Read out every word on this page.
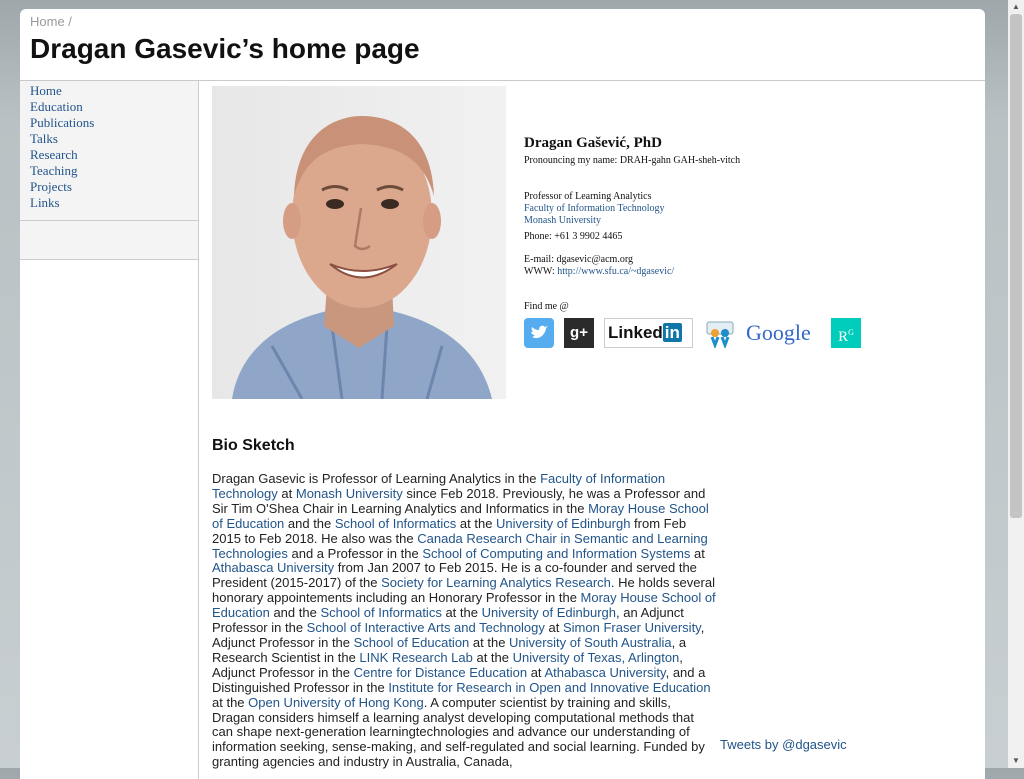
Home /
Dragan Gasevic’s home page
Home
Education
Publications
Talks
Research
Teaching
Projects
Links
Dragan Gašević, PhD
Pronouncing my name: DRAH-gahn GAH-sheh-vitch
Professor of Learning Analytics
Faculty of Information Technology
Monash University
Phone: +61 3 9902 4465
E-mail: dgasevic@acm.org
WWW: http://www.sfu.ca/~dgasevic/
Find me @
g+	Linked in	Google	$R^G$
Bio Sketch
Dragan Gasevic is Professor of Learning Analytics in the Faculty of Information Technology at Monash University since Feb 2018. Previously, he was a Professor and Sir Tim O'Shea Chair in Learning Analytics and Informatics in the Moray House School of Education and the School of Informatics at the University of Edinburgh from Feb 2015 to Feb 2018. He also was the Canada Research Chair in Semantic and Learning Technologies and a Professor in the School of Computing and Information Systems at Athabasca University from Jan 2007 to Feb 2015. He is a co-founder and served the President (2015-2017) of the Society for Learning Analytics Research. He holds several honorary appointements including an Honorary Professor in the Moray House School of Education and the School of Informatics at the University of Edinburgh, an Adjunct Professor in the School of Interactive Arts and Technology at Simon Fraser University, Adjunct Professor in the School of Education at the University of South Australia, a Research Scientist in the LINK Research Lab at the University of Texas, Arlington, Adjunct Professor in the Centre for Distance Education at Athabasca University, and a Distinguished Professor in the Institute for Research in Open and Innovative Education at the Open University of Hong Kong. A computer scientist by training and skills, Dragan considers himself a learning analyst developing computational methods that can shape next-generation learningtechnologies and advance our understanding of information seeking, sense-making, and self-regulated and social learning. Funded by granting agencies and industry in Australia, Canada,
Tweets by @dgasevic
▲
▼
